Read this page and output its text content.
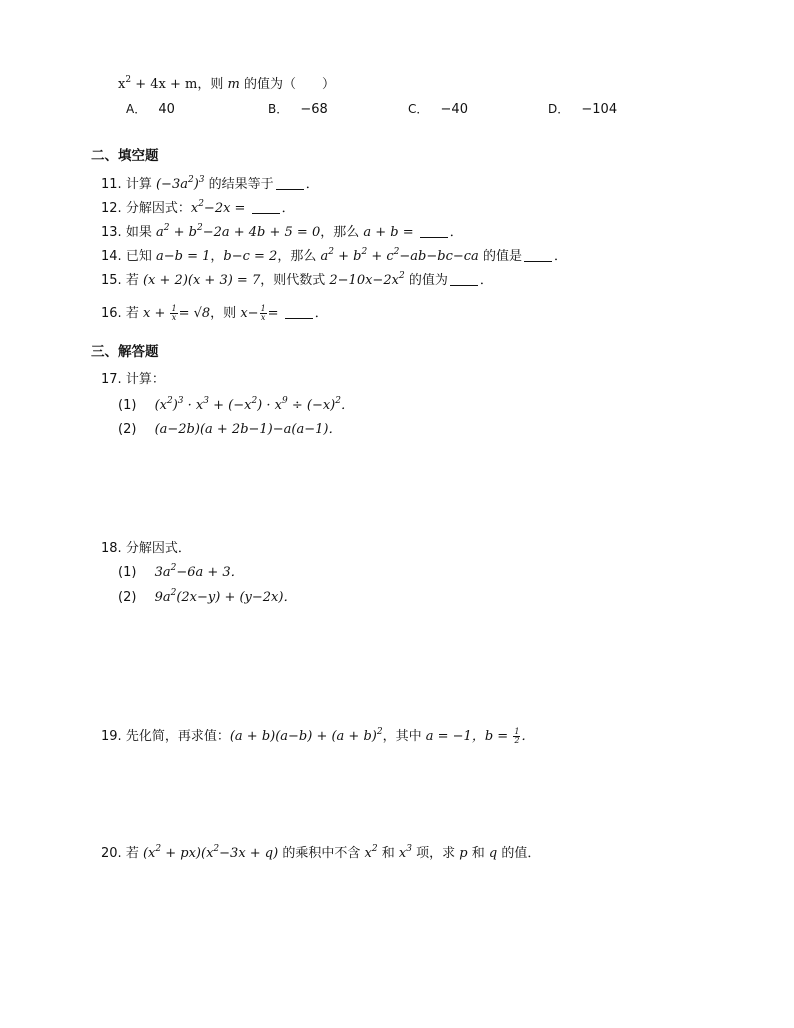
$x^2 + 4x + m$，则 m 的值为（　　）
A． 40	B． −68	C． −40	D． −104
二、填空题
11. 计算 $(-3a^2)^3$ 的结果等于 ．
12. 分解因式：$x^2-2x$ =	．
13. 如果 $a^2 + b^2-2a + 4b + 5 = 0$，那么 a + b =	．
14. 已知 a−b = 1，b−c = 2，那么 $a^2 + b^2 + c^2-ab-bc-ca$ 的值是 ．
15. 若 (x + 2)(x + 3) = 7，则代数式 $2-10x-2x^2$ 的值为 ．
16. 若 $x + \frac{1}{x} = √8$，则 $x- \frac{1}{x}$ =	．
三、解答题
17. 计算：
(1) $(x^2)^3 \cdot x^3 + (-x^2) \cdot x^9 \div (-x)^2$．
(2) (a−2b)(a + 2b−1)−a(a−1)．
18. 分解因式．
(1) $3a^2-6a + 3$．
(2) $9a^2(2x-y) + (y-2x)$．
19. 先化简，再求值：$(a + b)(a-b) + (a + b)^2$，其中 a = −1，$b = \frac{1}{2}$ ．
20. 若 $(x^2 + px)(x^2-3x + q)$ 的乘积中不含 $x^2$ 和 $x^3$ 项，求 p 和 q 的值．
